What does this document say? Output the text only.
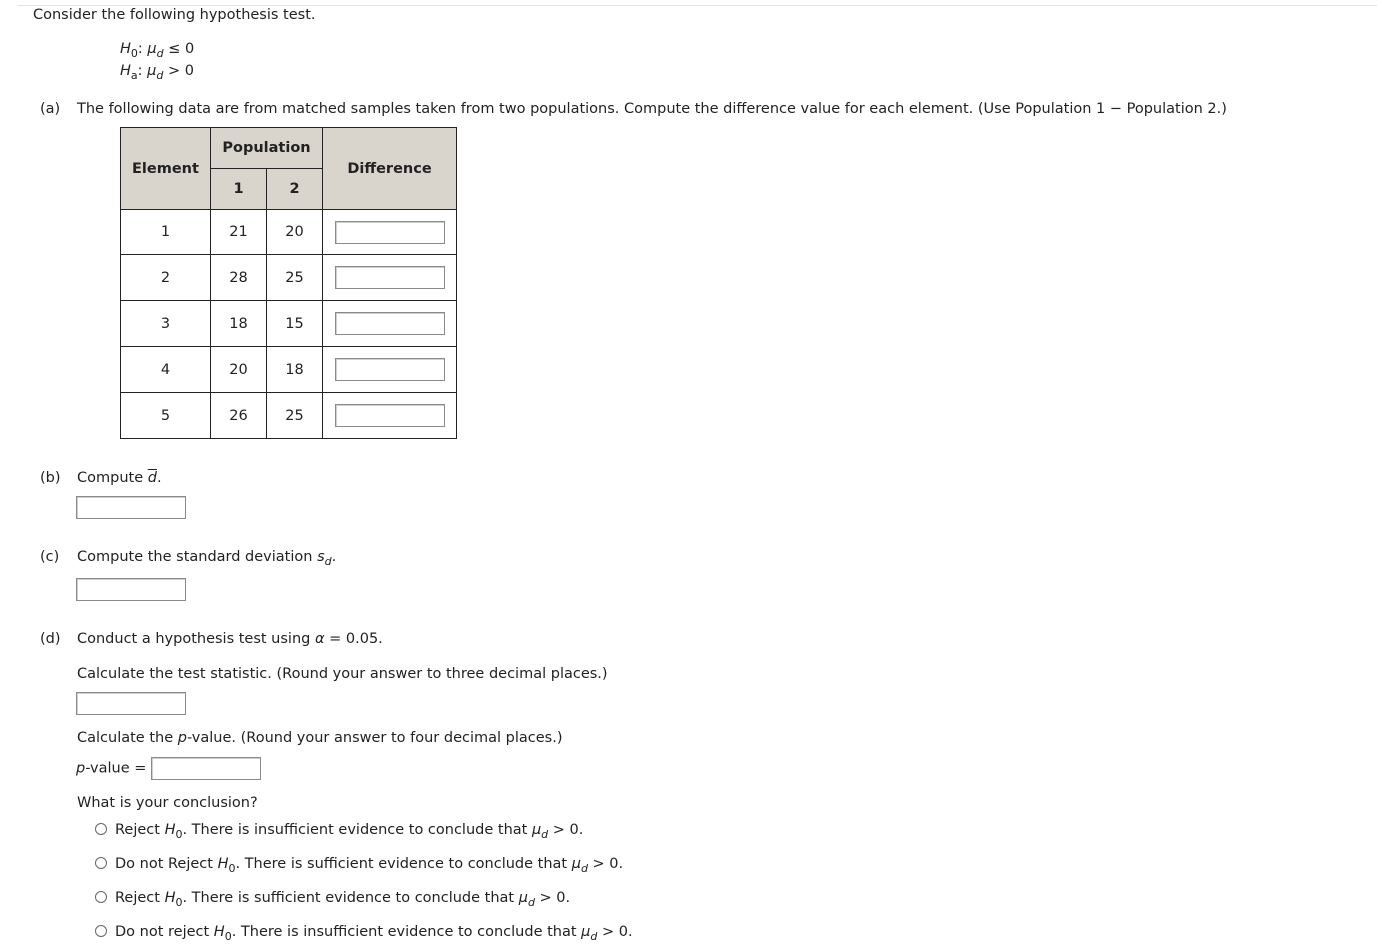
Consider the following hypothesis test.
$H_0$: $\mu_d \le 0$
$H_a$: $\mu_d > 0$
(a) The following data are from matched samples taken from two populations. Compute the difference value for each element. (Use Population 1 − Population 2.)
Element	Population		Difference
	1	2	
1	21	20	
2	28	25	
3	18	15	
4	20	18	
5	26	25	
(b) Compute $\overline{d}$.
(c) Compute the standard deviation $s_d$.
(d) Conduct a hypothesis test using α = 0.05.
Calculate the test statistic. (Round your answer to three decimal places.)
Calculate the p-value. (Round your answer to four decimal places.)
p-value =
What is your conclusion?
Reject $H_0$. There is insufficient evidence to conclude that $\mu_d > 0$.
Do not Reject $H_0$. There is sufficient evidence to conclude that $\mu_d > 0$.
Reject $H_0$. There is sufficient evidence to conclude that $\mu_d > 0$.
Do not reject $H_0$. There is insufficient evidence to conclude that $\mu_d > 0$.
